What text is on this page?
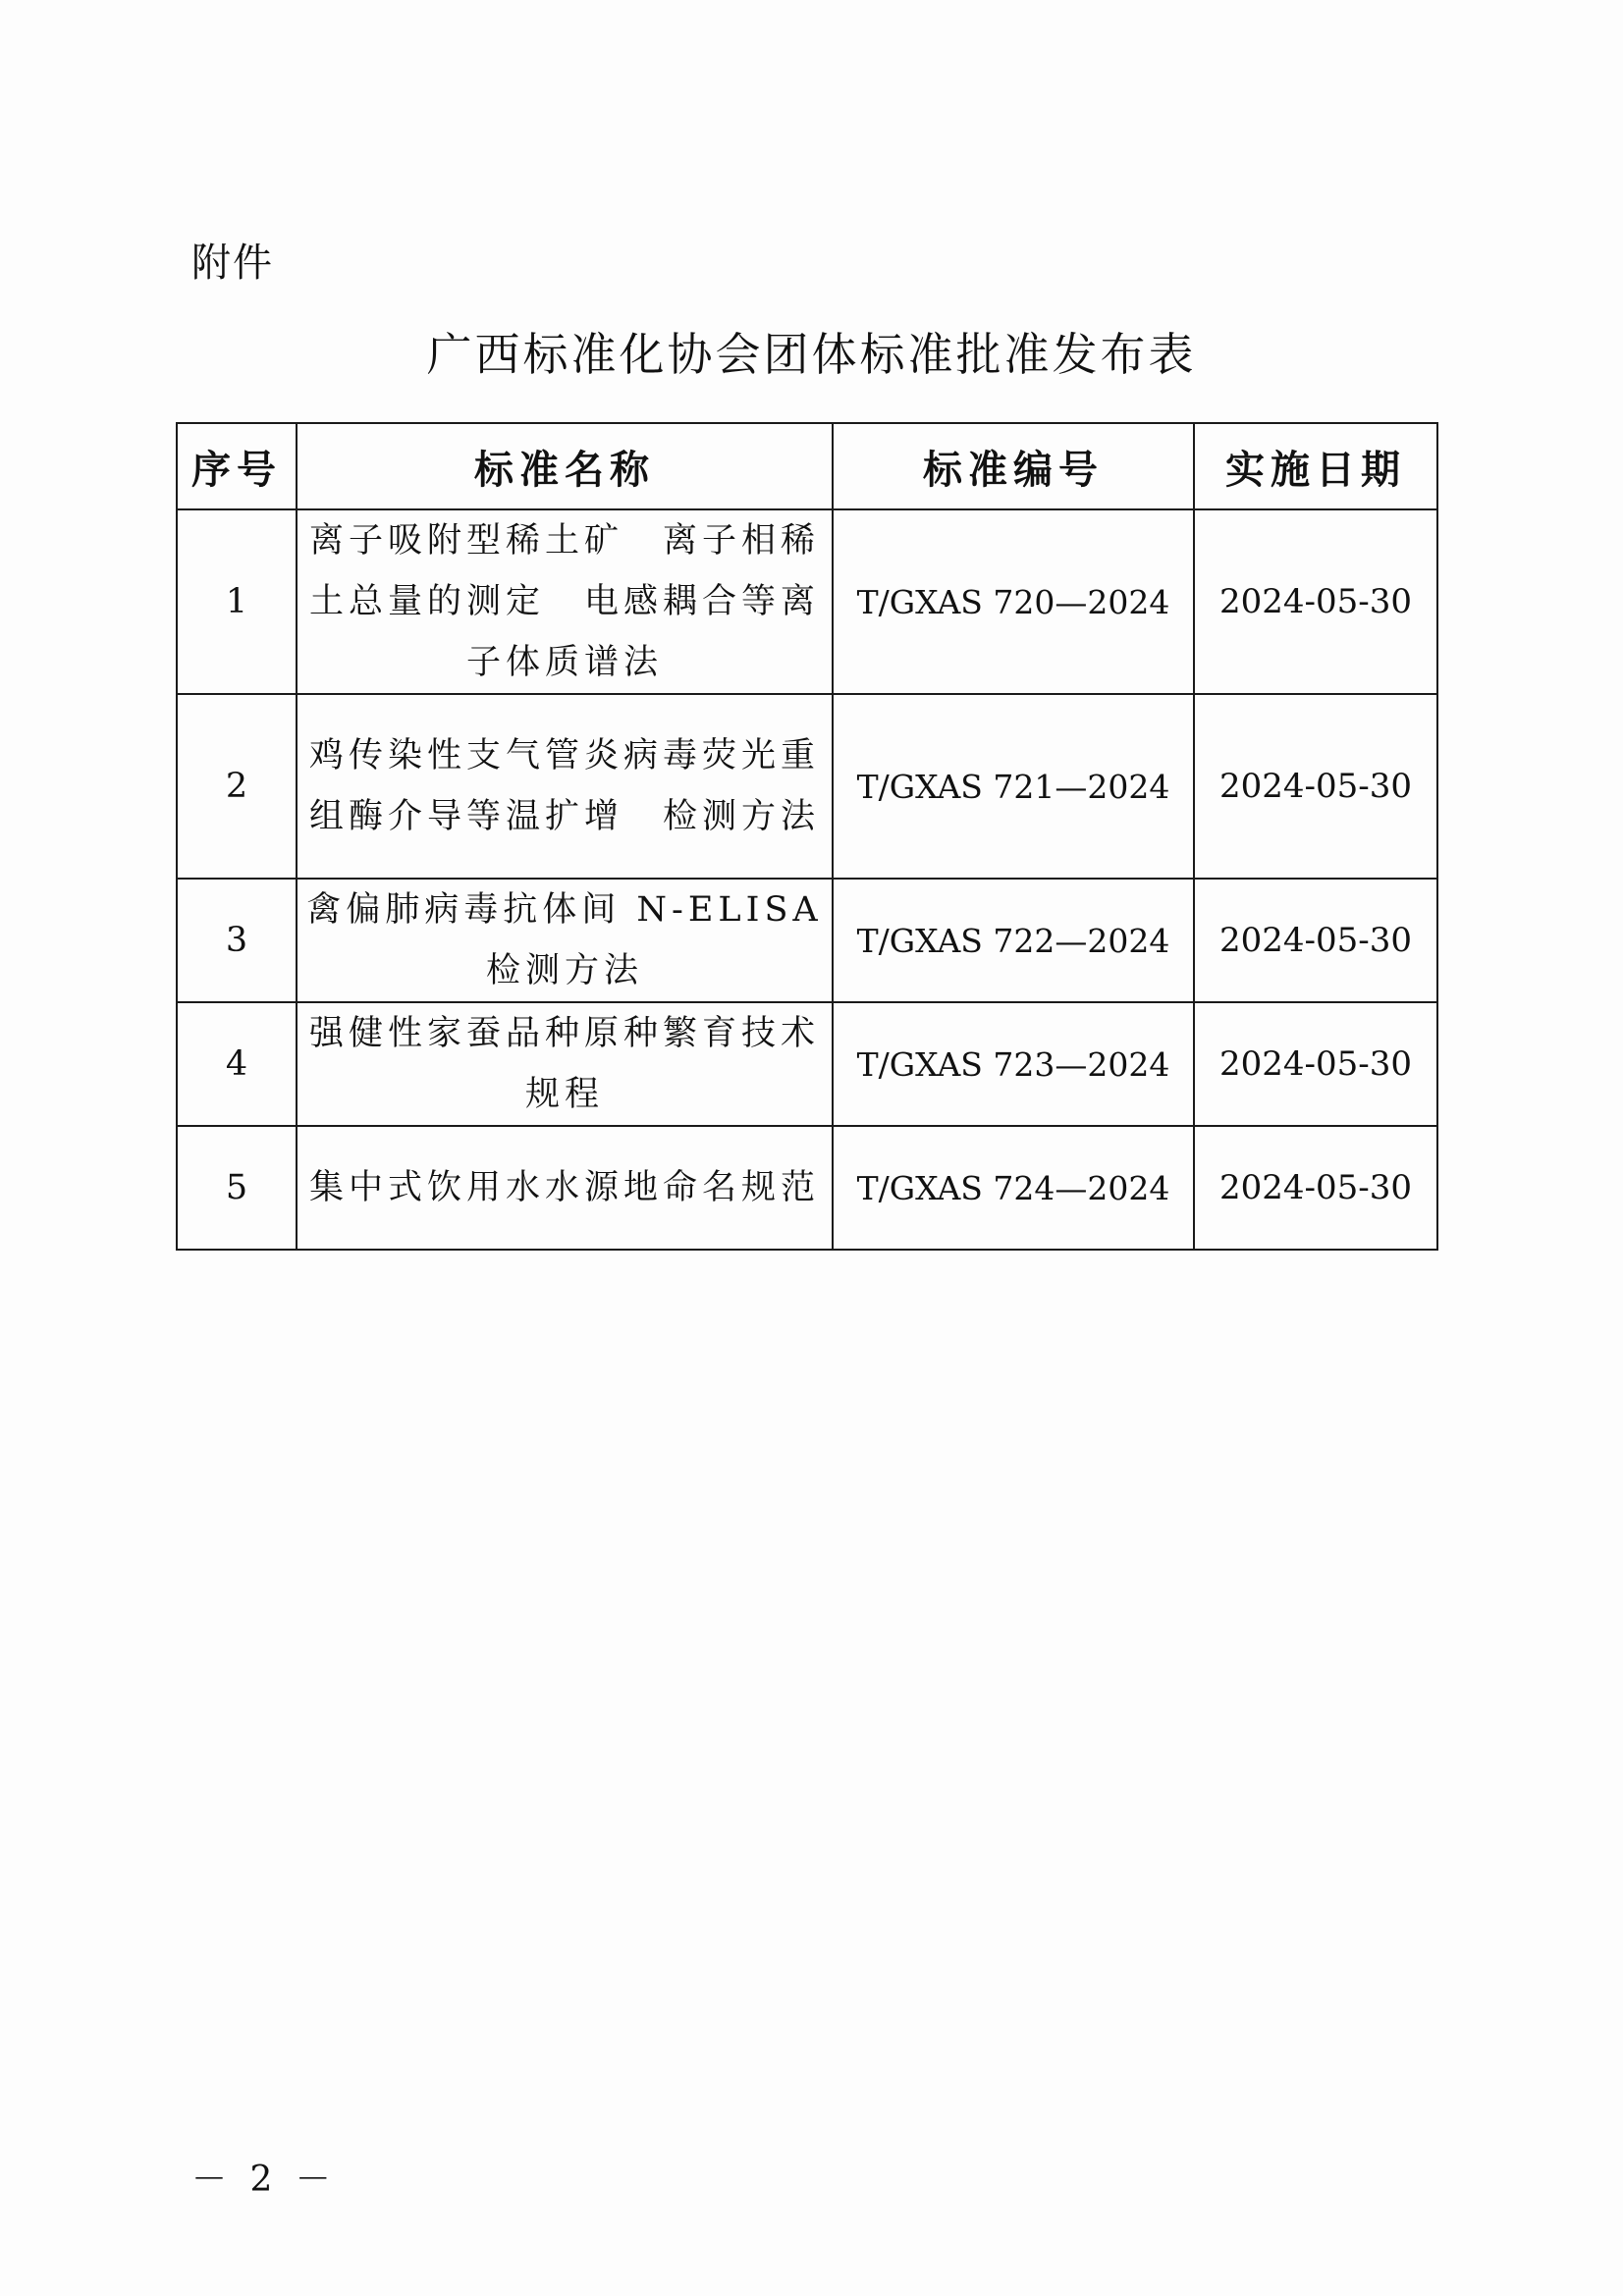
附件
广西标准化协会团体标准批准发布表
序号	标准名称	标准编号	实施日期
1	离子吸附型稀土矿　离子相稀土总量的测定　电感耦合等离子体质谱法	T/GXAS 720—2024	2024-05-30
2	鸡传染性支气管炎病毒荧光重组酶介导等温扩增　检测方法	T/GXAS 721—2024	2024-05-30
3	禽偏肺病毒抗体间 N-ELISA 检测方法	T/GXAS 722—2024	2024-05-30
4	强健性家蚕品种原种繁育技术规程	T/GXAS 723—2024	2024-05-30
5	集中式饮用水水源地命名规范	T/GXAS 724—2024	2024-05-30
－ 2 －
